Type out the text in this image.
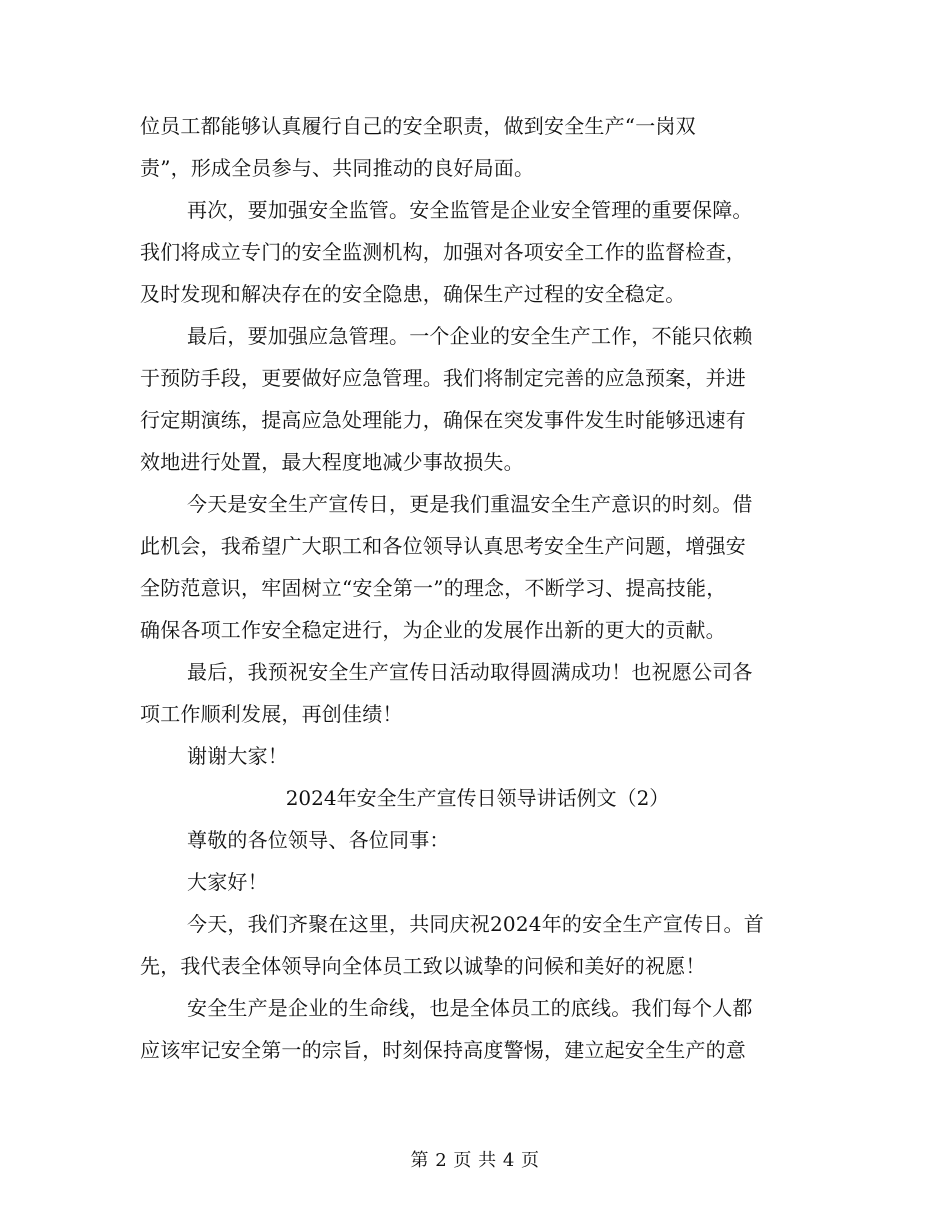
位员工都能够认真履行自己的安全职责，做到安全生产“一岗双
责”，形成全员参与、共同推动的良好局面。
再次，要加强安全监管。安全监管是企业安全管理的重要保障。
我们将成立专门的安全监测机构，加强对各项安全工作的监督检查，
及时发现和解决存在的安全隐患，确保生产过程的安全稳定。
最后，要加强应急管理。一个企业的安全生产工作，不能只依赖
于预防手段，更要做好应急管理。我们将制定完善的应急预案，并进
行定期演练，提高应急处理能力，确保在突发事件发生时能够迅速有
效地进行处置，最大程度地减少事故损失。
今天是安全生产宣传日，更是我们重温安全生产意识的时刻。借
此机会，我希望广大职工和各位领导认真思考安全生产问题，增强安
全防范意识，牢固树立“安全第一”的理念，不断学习、提高技能，
确保各项工作安全稳定进行，为企业的发展作出新的更大的贡献。
最后，我预祝安全生产宣传日活动取得圆满成功！也祝愿公司各
项工作顺利发展，再创佳绩！
谢谢大家！
2024年安全生产宣传日领导讲话例文（2）
尊敬的各位领导、各位同事：
大家好！
今天，我们齐聚在这里，共同庆祝2024年的安全生产宣传日。首
先，我代表全体领导向全体员工致以诚挚的问候和美好的祝愿！
安全生产是企业的生命线，也是全体员工的底线。我们每个人都
应该牢记安全第一的宗旨，时刻保持高度警惕，建立起安全生产的意
第 2 页 共 4 页
